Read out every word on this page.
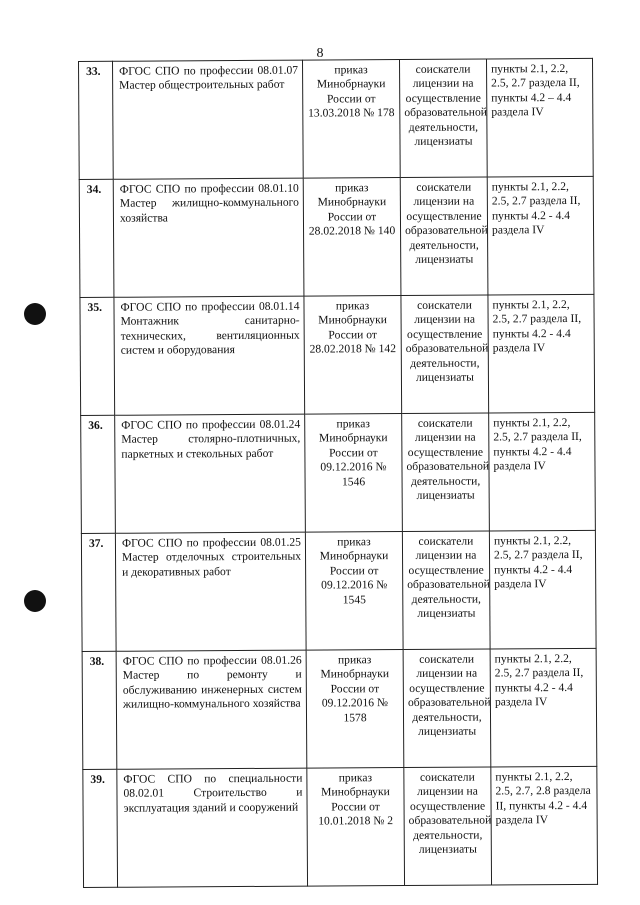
8
33.	ФГОС СПО по профессии 08.01.07 Мастер общестроительных работ	приказ Минобрнауки России от 13.03.2018 № 178	соискатели лицензии на осуществление образовательной деятельности, лицензиаты	пункты 2.1, 2.2, 2.5, 2.7 раздела II, пункты 4.2 – 4.4 раздела IV
34.	ФГОС СПО по профессии 08.01.10 Мастер жилищно-коммунального хозяйства	приказ Минобрнауки России от 28.02.2018 № 140	соискатели лицензии на осуществление образовательной деятельности, лицензиаты	пункты 2.1, 2.2, 2.5, 2.7 раздела II, пункты 4.2 - 4.4 раздела IV
35.	ФГОС СПО по профессии 08.01.14 Монтажник санитарно-технических, вентиляционных систем и оборудования	приказ Минобрнауки России от 28.02.2018 № 142	соискатели лицензии на осуществление образовательной деятельности, лицензиаты	пункты 2.1, 2.2, 2.5, 2.7 раздела II, пункты 4.2 - 4.4 раздела IV
36.	ФГОС СПО по профессии 08.01.24 Мастер столярно-плотничных, паркетных и стекольных работ	приказ Минобрнауки России от 09.12.2016 № 1546	соискатели лицензии на осуществление образовательной деятельности, лицензиаты	пункты 2.1, 2.2, 2.5, 2.7 раздела II, пункты 4.2 - 4.4 раздела IV
37.	ФГОС СПО по профессии 08.01.25 Мастер отделочных строительных и декоративных работ	приказ Минобрнауки России от 09.12.2016 № 1545	соискатели лицензии на осуществление образовательной деятельности, лицензиаты	пункты 2.1, 2.2, 2.5, 2.7 раздела II, пункты 4.2 - 4.4 раздела IV
38.	ФГОС СПО по профессии 08.01.26 Мастер по ремонту и обслуживанию инженерных систем жилищно-коммунального хозяйства	приказ Минобрнауки России от 09.12.2016 № 1578	соискатели лицензии на осуществление образовательной деятельности, лицензиаты	пункты 2.1, 2.2, 2.5, 2.7 раздела II, пункты 4.2 - 4.4 раздела IV
39.	ФГОС СПО по специальности 08.02.01 Строительство и эксплуатация зданий и сооружений	приказ Минобрнауки России от 10.01.2018 № 2	соискатели лицензии на осуществление образовательной деятельности, лицензиаты	пункты 2.1, 2.2, 2.5, 2.7, 2.8 раздела II, пункты 4.2 - 4.4 раздела IV
